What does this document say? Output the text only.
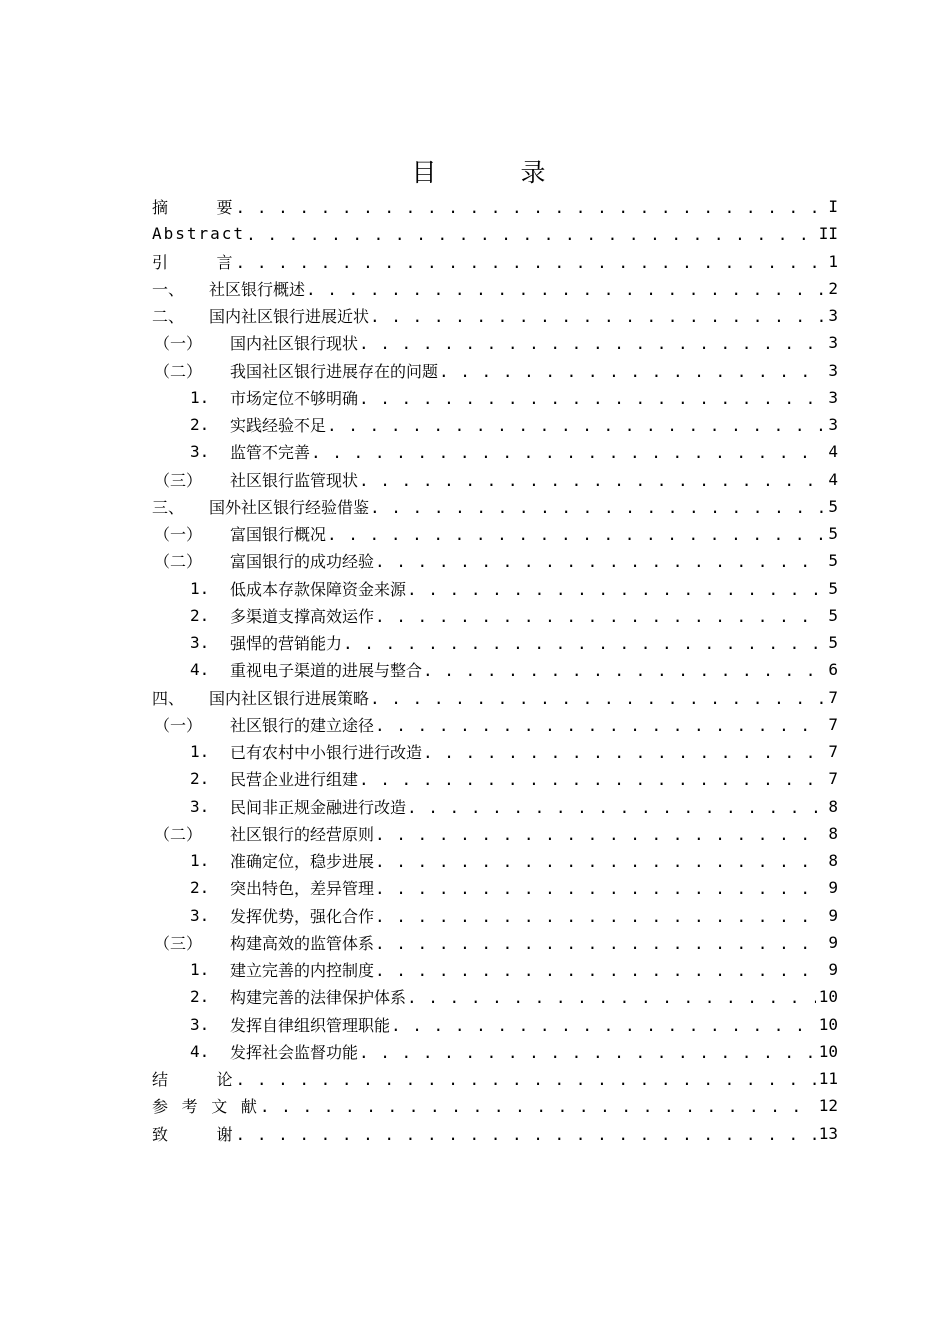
目 录
摘    要 . . .	I
Abstract . . .	II
引    言 . . .	1
一、	社区银行概述 . . .	2
二、	国内社区银行进展近状 . . .	3
（一）	国内社区银行现状 . . .	3
（二）	我国社区银行进展存在的问题 . . .	3
1.	市场定位不够明确 . . .	3
2.	实践经验不足 . . .	3
3.	监管不完善 . . .	4
（三）	社区银行监管现状 . . .	4
三、	国外社区银行经验借鉴 . . .	5
（一）	富国银行概况 . . .	5
（二）	富国银行的成功经验 . . .	5
1.	低成本存款保障资金来源 . . .	5
2.	多渠道支撑高效运作 . . .	5
3.	强悍的营销能力 . . .	5
4.	重视电子渠道的进展与整合 . . .	6
四、	国内社区银行进展策略 . . .	7
（一）	社区银行的建立途径 . . .	7
1.	已有农村中小银行进行改造 . . .	7
2.	民营企业进行组建 . . .	7
3.	民间非正规金融进行改造 . . .	8
（二）	社区银行的经营原则 . . .	8
1.	准确定位，稳步进展 . . .	8
2.	突出特色，差异管理 . . .	9
3.	发挥优势，强化合作 . . .	9
（三）	构建高效的监管体系 . . .	9
1.	建立完善的内控制度 . . .	9
2.	构建完善的法律保护体系 . . .	10
3.	发挥自律组织管理职能 . . .	10
4.	发挥社会监督功能 . . .	10
结    论 . . .	11
参 考 文 献 . . .	12
致    谢 . . .	13
